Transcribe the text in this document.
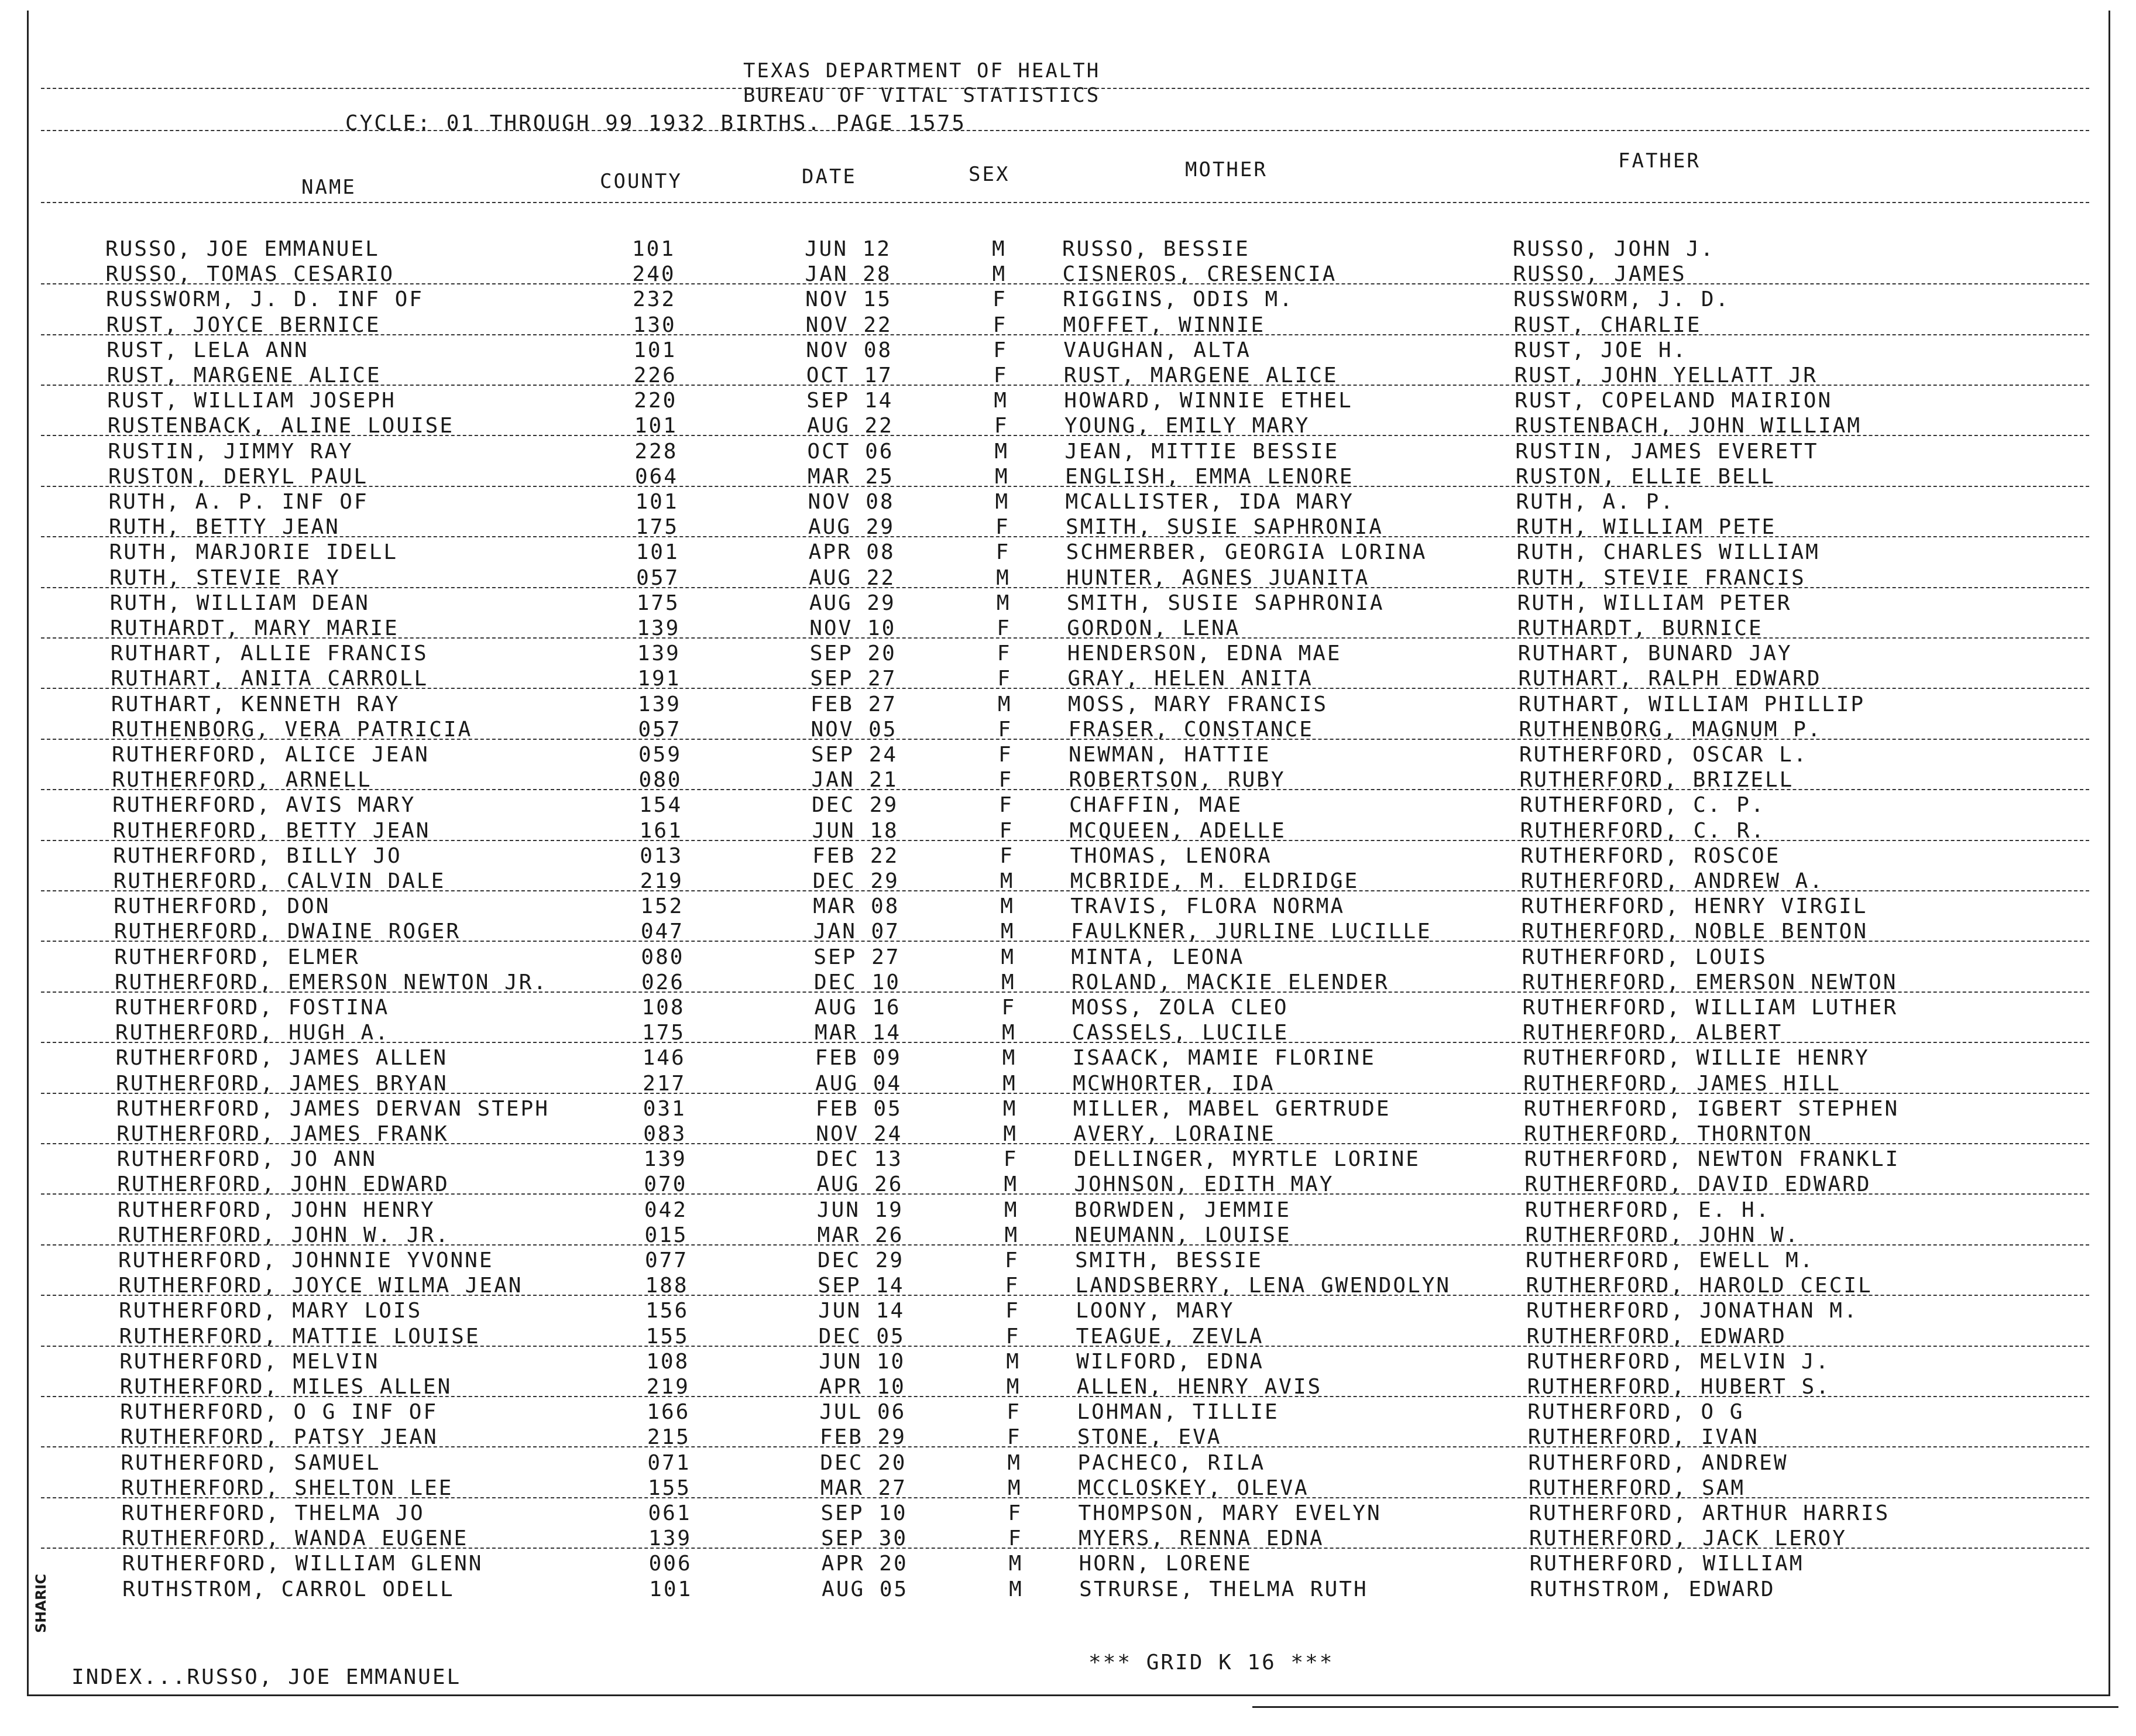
TEXAS DEPARTMENT OF HEALTH
BUREAU OF VITAL STATISTICS
CYCLE: 01 THROUGH 99 1932 BIRTHS. PAGE 1575
NAME	COUNTY	DATE	SEX	MOTHER	FATHER
RUSSO, JOE EMMANUEL	101	JUN 12	M	RUSSO, BESSIE	RUSSO, JOHN J.
RUSSO, TOMAS CESARIO	240	JAN 28	M	CISNEROS, CRESENCIA	RUSSO, JAMES
RUSSWORM, J. D. INF OF	232	NOV 15	F	RIGGINS, ODIS M.	RUSSWORM, J. D.
RUST, JOYCE BERNICE	130	NOV 22	F	MOFFET, WINNIE	RUST, CHARLIE
RUST, LELA ANN	101	NOV 08	F	VAUGHAN, ALTA	RUST, JOE H.
RUST, MARGENE ALICE	226	OCT 17	F	RUST, MARGENE ALICE	RUST, JOHN YELLATT JR
RUST, WILLIAM JOSEPH	220	SEP 14	M	HOWARD, WINNIE ETHEL	RUST, COPELAND MAIRION
RUSTENBACK, ALINE LOUISE	101	AUG 22	F	YOUNG, EMILY MARY	RUSTENBACH, JOHN WILLIAM
RUSTIN, JIMMY RAY	228	OCT 06	M	JEAN, MITTIE BESSIE	RUSTIN, JAMES EVERETT
RUSTON, DERYL PAUL	064	MAR 25	M	ENGLISH, EMMA LENORE	RUSTON, ELLIE BELL
RUTH, A. P. INF OF	101	NOV 08	M	MCALLISTER, IDA MARY	RUTH, A. P.
RUTH, BETTY JEAN	175	AUG 29	F	SMITH, SUSIE SAPHRONIA	RUTH, WILLIAM PETE
RUTH, MARJORIE IDELL	101	APR 08	F	SCHMERBER, GEORGIA LORINA	RUTH, CHARLES WILLIAM
RUTH, STEVIE RAY	057	AUG 22	M	HUNTER, AGNES JUANITA	RUTH, STEVIE FRANCIS
RUTH, WILLIAM DEAN	175	AUG 29	M	SMITH, SUSIE SAPHRONIA	RUTH, WILLIAM PETER
RUTHARDT, MARY MARIE	139	NOV 10	F	GORDON, LENA	RUTHARDT, BURNICE
RUTHART, ALLIE FRANCIS	139	SEP 20	F	HENDERSON, EDNA MAE	RUTHART, BUNARD JAY
RUTHART, ANITA CARROLL	191	SEP 27	F	GRAY, HELEN ANITA	RUTHART, RALPH EDWARD
RUTHART, KENNETH RAY	139	FEB 27	M	MOSS, MARY FRANCIS	RUTHART, WILLIAM PHILLIP
RUTHENBORG, VERA PATRICIA	057	NOV 05	F	FRASER, CONSTANCE	RUTHENBORG, MAGNUM P.
RUTHERFORD, ALICE JEAN	059	SEP 24	F	NEWMAN, HATTIE	RUTHERFORD, OSCAR L.
RUTHERFORD, ARNELL	080	JAN 21	F	ROBERTSON, RUBY	RUTHERFORD, BRIZELL
RUTHERFORD, AVIS MARY	154	DEC 29	F	CHAFFIN, MAE	RUTHERFORD, C. P.
RUTHERFORD, BETTY JEAN	161	JUN 18	F	MCQUEEN, ADELLE	RUTHERFORD, C. R.
RUTHERFORD, BILLY JO	013	FEB 22	F	THOMAS, LENORA	RUTHERFORD, ROSCOE
RUTHERFORD, CALVIN DALE	219	DEC 29	M	MCBRIDE, M. ELDRIDGE	RUTHERFORD, ANDREW A.
RUTHERFORD, DON	152	MAR 08	M	TRAVIS, FLORA NORMA	RUTHERFORD, HENRY VIRGIL
RUTHERFORD, DWAINE ROGER	047	JAN 07	M	FAULKNER, JURLINE LUCILLE	RUTHERFORD, NOBLE BENTON
RUTHERFORD, ELMER	080	SEP 27	M	MINTA, LEONA	RUTHERFORD, LOUIS
RUTHERFORD, EMERSON NEWTON JR.	026	DEC 10	M	ROLAND, MACKIE ELENDER	RUTHERFORD, EMERSON NEWTON
RUTHERFORD, FOSTINA	108	AUG 16	F	MOSS, ZOLA CLEO	RUTHERFORD, WILLIAM LUTHER
RUTHERFORD, HUGH A.	175	MAR 14	M	CASSELS, LUCILE	RUTHERFORD, ALBERT
RUTHERFORD, JAMES ALLEN	146	FEB 09	M	ISAACK, MAMIE FLORINE	RUTHERFORD, WILLIE HENRY
RUTHERFORD, JAMES BRYAN	217	AUG 04	M	MCWHORTER, IDA	RUTHERFORD, JAMES HILL
RUTHERFORD, JAMES DERVAN STEPH	031	FEB 05	M	MILLER, MABEL GERTRUDE	RUTHERFORD, IGBERT STEPHEN
RUTHERFORD, JAMES FRANK	083	NOV 24	M	AVERY, LORAINE	RUTHERFORD, THORNTON
RUTHERFORD, JO ANN	139	DEC 13	F	DELLINGER, MYRTLE LORINE	RUTHERFORD, NEWTON FRANKLI
RUTHERFORD, JOHN EDWARD	070	AUG 26	M	JOHNSON, EDITH MAY	RUTHERFORD, DAVID EDWARD
RUTHERFORD, JOHN HENRY	042	JUN 19	M	BORWDEN, JEMMIE	RUTHERFORD, E. H.
RUTHERFORD, JOHN W. JR.	015	MAR 26	M	NEUMANN, LOUISE	RUTHERFORD, JOHN W.
RUTHERFORD, JOHNNIE YVONNE	077	DEC 29	F	SMITH, BESSIE	RUTHERFORD, EWELL M.
RUTHERFORD, JOYCE WILMA JEAN	188	SEP 14	F	LANDSBERRY, LENA GWENDOLYN	RUTHERFORD, HAROLD CECIL
RUTHERFORD, MARY LOIS	156	JUN 14	F	LOONY, MARY	RUTHERFORD, JONATHAN M.
RUTHERFORD, MATTIE LOUISE	155	DEC 05	F	TEAGUE, ZEVLA	RUTHERFORD, EDWARD
RUTHERFORD, MELVIN	108	JUN 10	M	WILFORD, EDNA	RUTHERFORD, MELVIN J.
RUTHERFORD, MILES ALLEN	219	APR 10	M	ALLEN, HENRY AVIS	RUTHERFORD, HUBERT S.
RUTHERFORD, O G INF OF	166	JUL 06	F	LOHMAN, TILLIE	RUTHERFORD, O G
RUTHERFORD, PATSY JEAN	215	FEB 29	F	STONE, EVA	RUTHERFORD, IVAN
RUTHERFORD, SAMUEL	071	DEC 20	M	PACHECO, RILA	RUTHERFORD, ANDREW
RUTHERFORD, SHELTON LEE	155	MAR 27	M	MCCLOSKEY, OLEVA	RUTHERFORD, SAM
RUTHERFORD, THELMA JO	061	SEP 10	F	THOMPSON, MARY EVELYN	RUTHERFORD, ARTHUR HARRIS
RUTHERFORD, WANDA EUGENE	139	SEP 30	F	MYERS, RENNA EDNA	RUTHERFORD, JACK LEROY
RUTHERFORD, WILLIAM GLENN	006	APR 20	M	HORN, LORENE	RUTHERFORD, WILLIAM
RUTHSTROM, CARROL ODELL	101	AUG 05	M	STRURSE, THELMA RUTH	RUTHSTROM, EDWARD
SHARIC
INDEX...RUSSO, JOE EMMANUEL
*** GRID K 16 ***
